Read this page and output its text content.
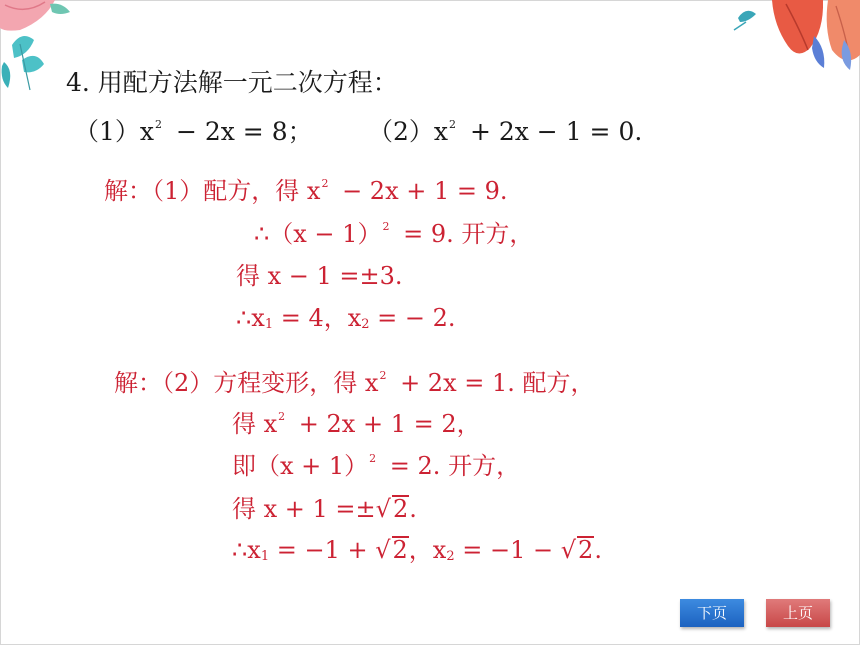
4. 用配方法解一元二次方程：
$(1)x^2 - 2x = 8$； $(2)x^2 + 2x - 1 = 0$.
解：（1）配方，得 $x^2 - 2x + 1 = 9$.
∴（x − 1）$^2$ = 9. 开方，
得 x − 1 =±3.
∴x1 = 4，x2 = − 2.
解：（2）方程变形，得 $x^2 + 2x = 1$. 配方，
得 $x^2 + 2x + 1 = 2$，
即$(x + 1)^2 = 2$. 开方，
得 x + 1 =±√2.
∴x1 = −1 + √2，x2 = −1 − √2.
下页	上页
